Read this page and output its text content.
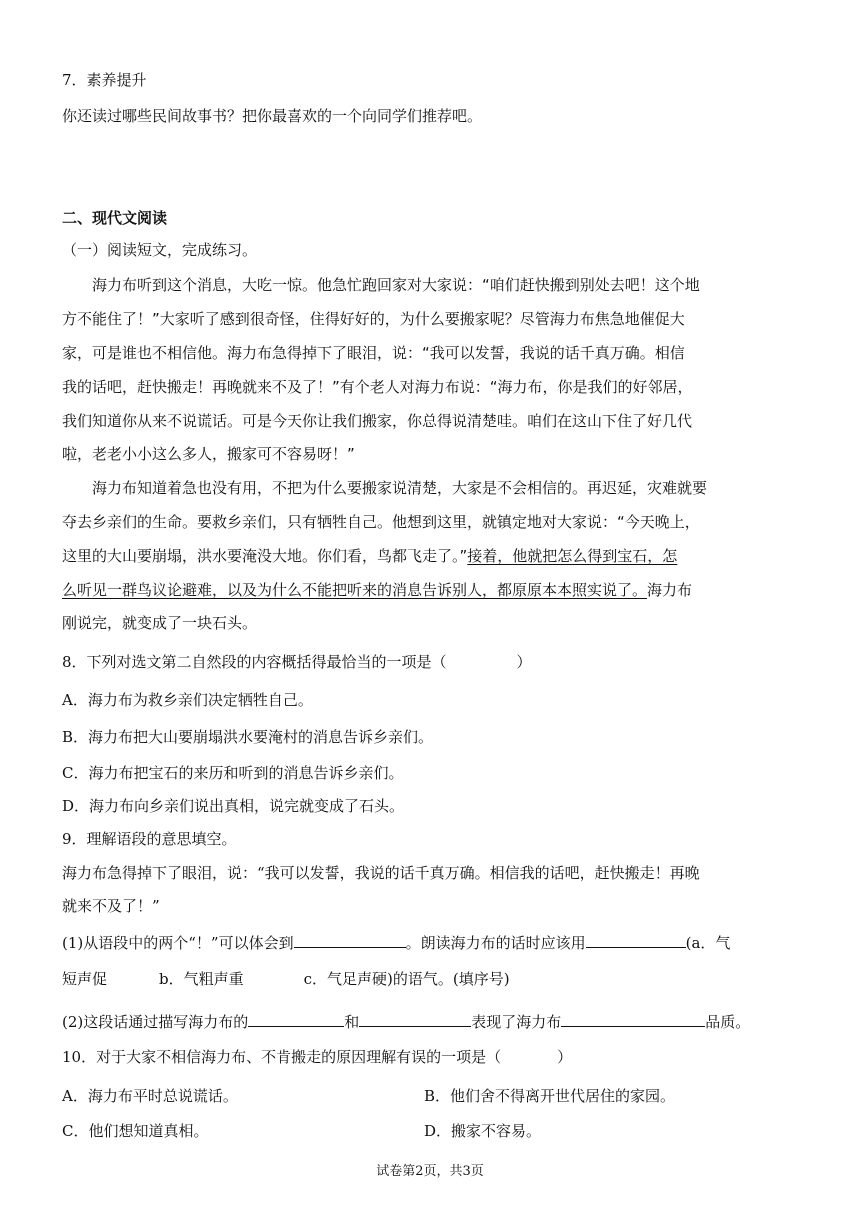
7．素养提升
你还读过哪些民间故事书？把你最喜欢的一个向同学们推荐吧。
二、现代文阅读
（一）阅读短文，完成练习。
海力布听到这个消息，大吃一惊。他急忙跑回家对大家说：“咱们赶快搬到别处去吧！这个地
方不能住了！”大家听了感到很奇怪，住得好好的，为什么要搬家呢？尽管海力布焦急地催促大
家，可是谁也不相信他。海力布急得掉下了眼泪，说：“我可以发誓，我说的话千真万确。相信
我的话吧，赶快搬走！再晚就来不及了！”有个老人对海力布说：“海力布，你是我们的好邻居，
我们知道你从来不说谎话。可是今天你让我们搬家，你总得说清楚哇。咱们在这山下住了好几代
啦，老老小小这么多人，搬家可不容易呀！”
海力布知道着急也没有用，不把为什么要搬家说清楚，大家是不会相信的。再迟延，灾难就要
夺去乡亲们的生命。要救乡亲们，只有牺牲自己。他想到这里，就镇定地对大家说：“今天晚上，
这里的大山要崩塌，洪水要淹没大地。你们看，鸟都飞走了。”接着，他就把怎么得到宝石，怎
么听见一群鸟议论避难，以及为什么不能把听来的消息告诉别人，都原原本本照实说了。海力布
刚说完，就变成了一块石头。
8．下列对选文第二自然段的内容概括得最恰当的一项是（	）
A．海力布为救乡亲们决定牺牲自己。
B．海力布把大山要崩塌洪水要淹村的消息告诉乡亲们。
C．海力布把宝石的来历和听到的消息告诉乡亲们。
D．海力布向乡亲们说出真相，说完就变成了石头。
9．理解语段的意思填空。
海力布急得掉下了眼泪，说：“我可以发誓，我说的话千真万确。相信我的话吧，赶快搬走！再晚
就来不及了！”
(1)从语段中的两个“！”可以体会到	。朗读海力布的话时应该用	(a．气
短声促	b．气粗声重	c．气足声硬)的语气。(填序号)
(2)这段话通过描写海力布的	和	表现了海力布	品质。
10．对于大家不相信海力布、不肯搬走的原因理解有误的一项是（	）
A．海力布平时总说谎话。	B．他们舍不得离开世代居住的家园。
C．他们想知道真相。	D．搬家不容易。
试卷第2页，共3页
